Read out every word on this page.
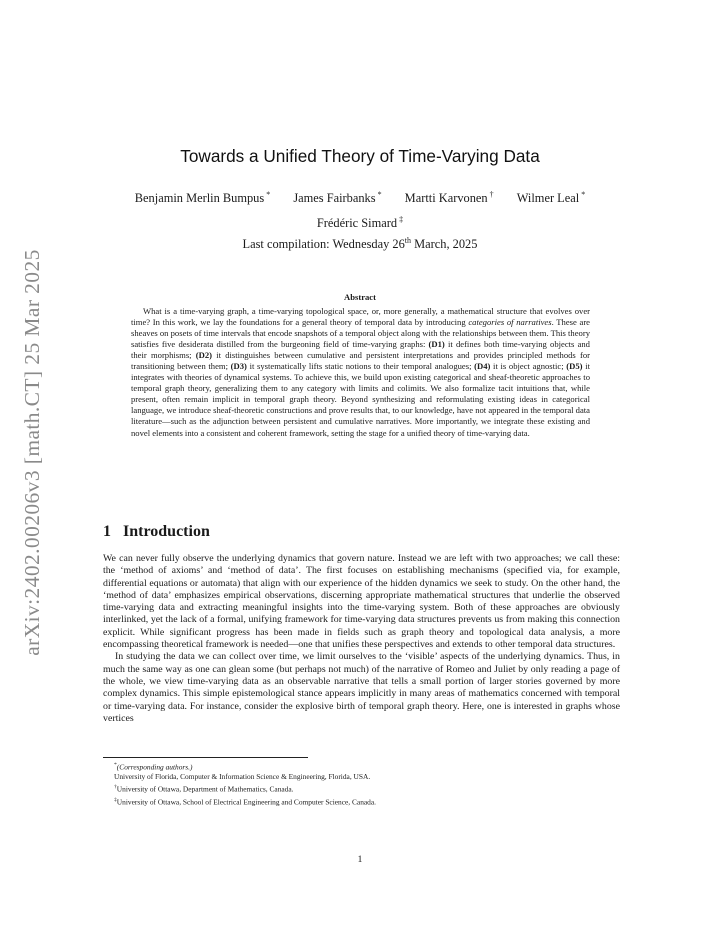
arXiv:2402.00206v3 [math.CT] 25 Mar 2025
Towards a Unified Theory of Time-Varying Data
Benjamin Merlin Bumpus * James Fairbanks * Martti Karvonen † Wilmer Leal *
Frédéric Simard ‡
Last compilation: Wednesday 26th March, 2025
Abstract

What is a time-varying graph, a time-varying topological space, or, more generally, a mathematical structure that evolves over time? In this work, we lay the foundations for a general theory of temporal data by introducing categories of narratives. These are sheaves on posets of time intervals that encode snapshots of a temporal object along with the relationships between them. This theory satisfies five desiderata distilled from the burgeoning field of time-varying graphs: (D1) it defines both time-varying objects and their morphisms; (D2) it distinguishes between cumulative and persistent interpretations and provides principled methods for transitioning between them; (D3) it systematically lifts static notions to their temporal analogues; (D4) it is object agnostic; (D5) it integrates with theories of dynamical systems. To achieve this, we build upon existing categorical and sheaf-theoretic approaches to temporal graph theory, generalizing them to any category with limits and colimits. We also formalize tacit intuitions that, while present, often remain implicit in temporal graph theory. Beyond synthesizing and reformulating existing ideas in categorical language, we introduce sheaf-theoretic constructions and prove results that, to our knowledge, have not appeared in the temporal data literature—such as the adjunction between persistent and cumulative narratives. More importantly, we integrate these existing and novel elements into a consistent and coherent framework, setting the stage for a unified theory of time-varying data.

1 Introduction

We can never fully observe the underlying dynamics that govern nature. Instead we are left with two approaches; we call these: the ‘method of axioms’ and ‘method of data’. The first focuses on establishing mechanisms (specified via, for example, differential equations or automata) that align with our experience of the hidden dynamics we seek to study. On the other hand, the ‘method of data’ emphasizes empirical observations, discerning appropriate mathematical structures that underlie the observed time-varying data and extracting meaningful insights into the time-varying system. Both of these approaches are obviously interlinked, yet the lack of a formal, unifying framework for time-varying data structures prevents us from making this connection explicit. While significant progress has been made in fields such as graph theory and topological data analysis, a more encompassing theoretical framework is needed—one that unifies these perspectives and extends to other temporal data structures.

In studying the data we can collect over time, we limit ourselves to the ‘visible’ aspects of the underlying dynamics. Thus, in much the same way as one can glean some (but perhaps not much) of the narrative of Romeo and Juliet by only reading a page of the whole, we view time-varying data as an observable narrative that tells a small portion of larger stories governed by more complex dynamics. This simple epistemological stance appears implicitly in many areas of mathematics concerned with temporal or time-varying data. For instance, consider the explosive birth of temporal graph theory. Here, one is interested in graphs whose vertices

*(Corresponding authors.)
University of Florida, Computer & Information Science & Engineering, Florida, USA.
†University of Ottawa, Department of Mathematics, Canada.
‡University of Ottawa, School of Electrical Engineering and Computer Science, Canada.
1
